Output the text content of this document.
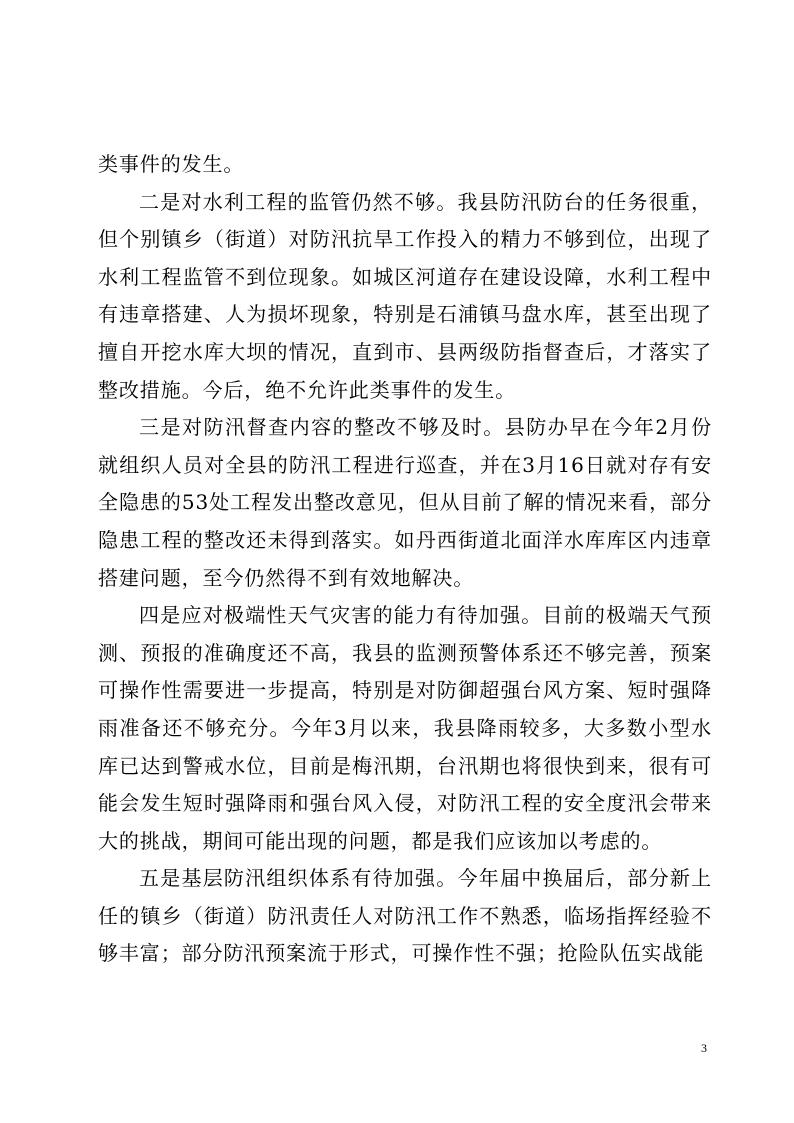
类事件的发生。

二是对水利工程的监管仍然不够。我县防汛防台的任务很重，但个别镇乡（街道）对防汛抗旱工作投入的精力不够到位，出现了水利工程监管不到位现象。如城区河道存在建设设障，水利工程中有违章搭建、人为损坏现象，特别是石浦镇马盘水库，甚至出现了擅自开挖水库大坝的情况，直到市、县两级防指督查后，才落实了整改措施。今后，绝不允许此类事件的发生。

三是对防汛督查内容的整改不够及时。县防办早在今年2月份就组织人员对全县的防汛工程进行巡查，并在3月16日就对存有安全隐患的53处工程发出整改意见，但从目前了解的情况来看，部分隐患工程的整改还未得到落实。如丹西街道北面洋水库库区内违章搭建问题，至今仍然得不到有效地解决。

四是应对极端性天气灾害的能力有待加强。目前的极端天气预测、预报的准确度还不高，我县的监测预警体系还不够完善，预案可操作性需要进一步提高，特别是对防御超强台风方案、短时强降雨准备还不够充分。今年3月以来，我县降雨较多，大多数小型水库已达到警戒水位，目前是梅汛期，台汛期也将很快到来，很有可能会发生短时强降雨和强台风入侵，对防汛工程的安全度汛会带来大的挑战，期间可能出现的问题，都是我们应该加以考虑的。

五是基层防汛组织体系有待加强。今年届中换届后，部分新上任的镇乡（街道）防汛责任人对防汛工作不熟悉，临场指挥经验不够丰富；部分防汛预案流于形式，可操作性不强；抢险队伍实战能

3
